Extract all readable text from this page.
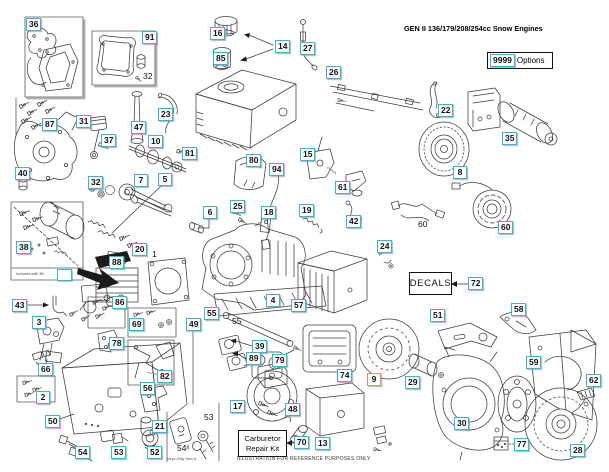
36
91
32
87	31
23
47
37	10
81
16
85
14	27
26
22
35
8
40
32	7	5
15
80
94
61
25
6	18	19
42	60	60
24
20
88
38
1
72
43
3
86
69
78
49
55
55
66
2
82
56
39
89	79
51
57
4
17	48
74	9	29
30
13
70
50
54	53	52
21
53
54ˣ
58
59
62
77
28
GEN II 136/179/208/254cc Snow Engines
9999 Options
DECALS
Carburetor
Repair Kit
Included with 38
Keys Only Serv'd	ILLUSTRATION FOR REFERENCE PURPOSES ONLY
